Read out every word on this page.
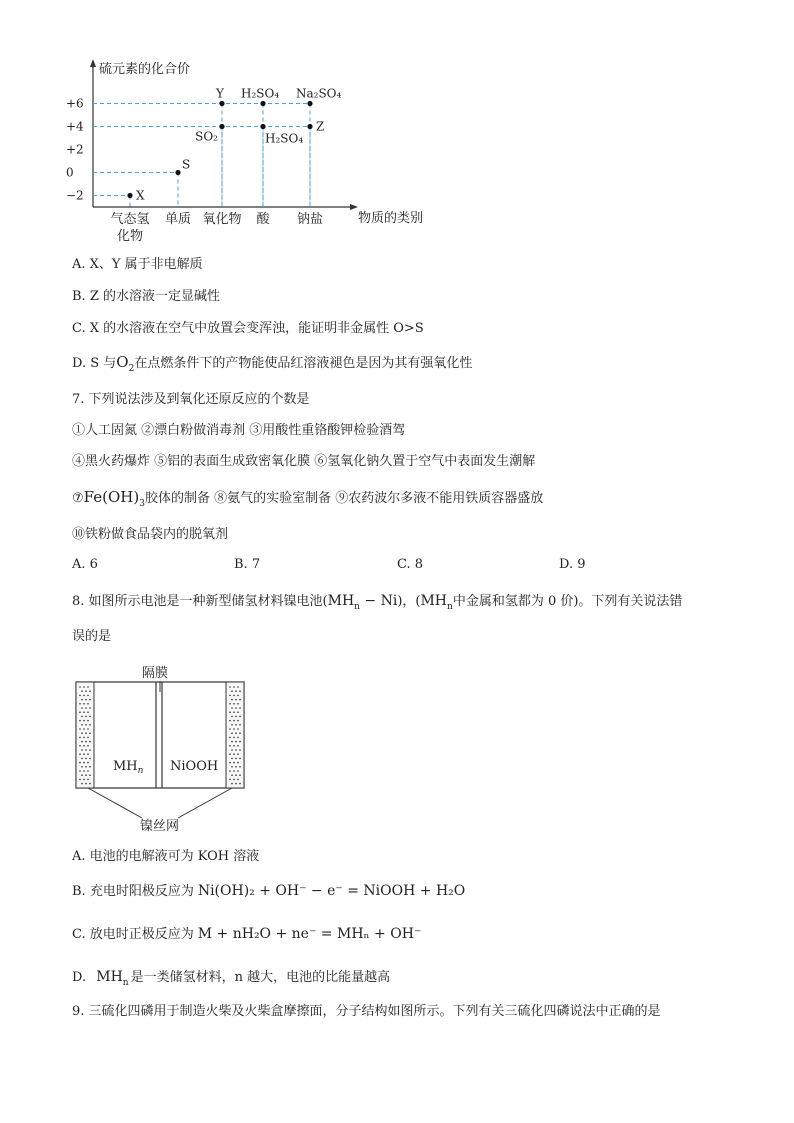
硫元素的化合价
物质的类别
+6
+4
+2
0
−2
气态氢
化物
单质 氧化物 酸 钠盐
X
S
Y
SO₂
H₂SO₄
H₂SO₄
Na₂SO₄
Z
A. X、Y 属于非电解质
B. Z 的水溶液一定显碱性
C. X 的水溶液在空气中放置会变浑浊，能证明非金属性 O>S
D. S 与$O_2$在点燃条件下的产物能使品红溶液褪色是因为其有强氧化性
7. 下列说法涉及到氧化还原反应的个数是
①人工固氮 ②漂白粉做消毒剂 ③用酸性重铬酸钾检验酒驾
④黑火药爆炸 ⑤铝的表面生成致密氧化膜 ⑥氢氧化钠久置于空气中表面发生潮解
$⑦Fe(OH)_3$胶体的制备 ⑧氨气的实验室制备 ⑨农药波尔多液不能用铁质容器盛放
⑩铁粉做食品袋内的脱氧剂
A. 6	B. 7	C. 8	D. 9
8. 如图所示电池是一种新型储氢材料镍电池$(MH_n - Ni)$，($MH_n$中金属和氢都为 0 价)。下列有关说法错
误的是
隔膜
$MH_n$ NiOOH
镍丝网
A. 电池的电解液可为 KOH 溶液
B. 充电时阳极反应为 Ni(OH)₂ + OH⁻ − e⁻ = NiOOH + H₂O
C. 放电时正极反应为 M + nH₂O + ne⁻ = MHₙ + OH⁻
D. $MH_n$ 是一类储氢材料，n 越大，电池的比能量越高
9. 三硫化四磷用于制造火柴及火柴盒摩擦面，分子结构如图所示。下列有关三硫化四磷说法中正确的是
